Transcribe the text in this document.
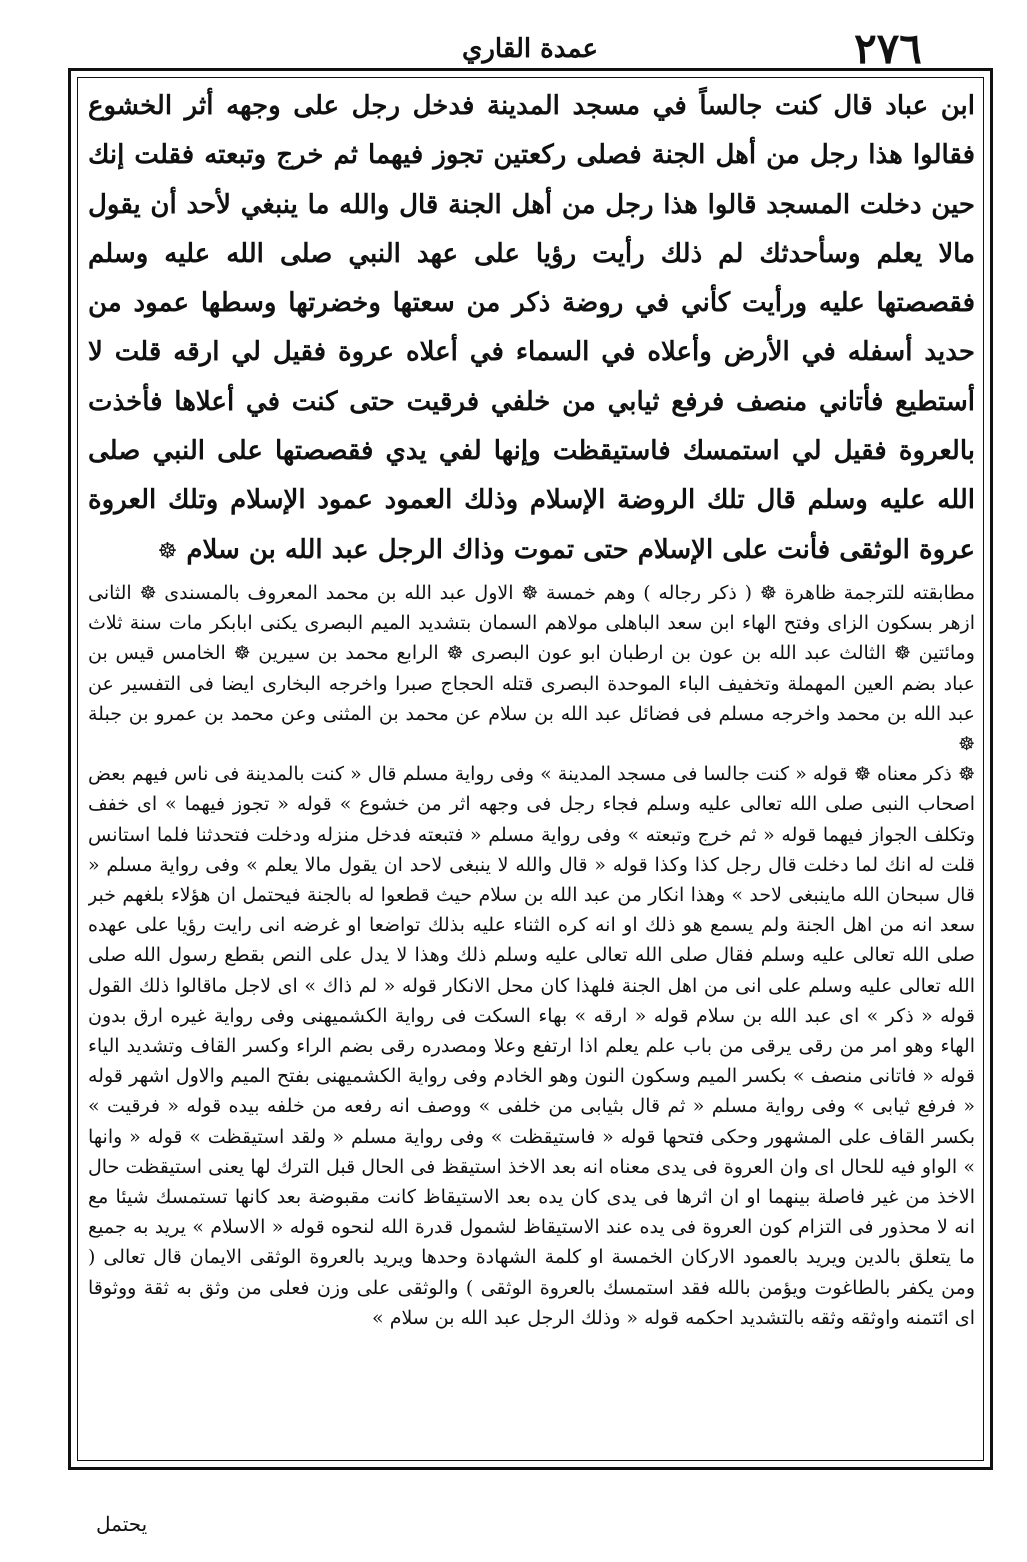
٢٧٦
عمدة القاري

ابن عباد قال كنت جالساً في مسجد المدينة فدخل رجل على وجهه أثر الخشوع فقالوا هذا رجل من أهل الجنة فصلى ركعتين تجوز فيهما ثم خرج وتبعته فقلت إنك حين دخلت المسجد قالوا هذا رجل من أهل الجنة قال والله ما ينبغي لأحد أن يقول مالا يعلم وسأحدثك لم ذلك رأيت رؤيا على عهد النبي صلى الله عليه وسلم فقصصتها عليه ورأيت كأني في روضة ذكر من سعتها وخضرتها وسطها عمود من حديد أسفله في الأرض وأعلاه في السماء في أعلاه عروة فقيل لي ارقه قلت لا أستطيع فأتاني منصف فرفع ثيابي من خلفي فرقيت حتى كنت في أعلاها فأخذت بالعروة فقيل لي استمسك فاستيقظت وإنها لفي يدي فقصصتها على النبي صلى الله عليه وسلم قال تلك الروضة الإسلام وذلك العمود عمود الإسلام وتلك العروة عروة الوثقى فأنت على الإسلام حتى تموت وذاك الرجل عبد الله بن سلام ☸

مطابقته للترجمة ظاهرة ☸ ( ذكر رجاله ) وهم خمسة ☸ الاول عبد الله بن محمد المعروف بالمسندى ☸ الثانى ازهر بسكون الزاى وفتح الهاء ابن سعد الباهلى مولاهم السمان بتشديد الميم البصرى يكنى ابابكر مات سنة ثلاث ومائتين ☸ الثالث عبد الله بن عون بن ارطبان ابو عون البصرى ☸ الرابع محمد بن سيرين ☸ الخامس قيس بن عباد بضم العين المهملة وتخفيف الباء الموحدة البصرى قتله الحجاج صبرا واخرجه البخارى ايضا فى التفسير عن عبد الله بن محمد واخرجه مسلم فى فضائل عبد الله بن سلام عن محمد بن المثنى وعن محمد بن عمرو بن جبلة ☸

☸ ذكر معناه ☸ قوله « كنت جالسا فى مسجد المدينة » وفى رواية مسلم قال « كنت بالمدينة فى ناس فيهم بعض اصحاب النبى صلى الله تعالى عليه وسلم فجاء رجل فى وجهه اثر من خشوع » قوله « تجوز فيهما » اى خفف وتكلف الجواز فيهما قوله « ثم خرج وتبعته » وفى رواية مسلم « فتبعته فدخل منزله ودخلت فتحدثنا فلما استانس قلت له انك لما دخلت قال رجل كذا وكذا قوله « قال والله لا ينبغى لاحد ان يقول مالا يعلم » وفى رواية مسلم « قال سبحان الله ماينبغى لاحد » وهذا انكار من عبد الله بن سلام حيث قطعوا له بالجنة فيحتمل ان هؤلاء بلغهم خبر سعد انه من اهل الجنة ولم يسمع هو ذلك او انه كره الثناء عليه بذلك تواضعا او غرضه انى رايت رؤيا على عهده صلى الله تعالى عليه وسلم فقال صلى الله تعالى عليه وسلم ذلك وهذا لا يدل على النص بقطع رسول الله صلى الله تعالى عليه وسلم على انى من اهل الجنة فلهذا كان محل الانكار قوله « لم ذاك » اى لاجل ماقالوا ذلك القول قوله « ذكر » اى عبد الله بن سلام قوله « ارقه » بهاء السكت فى رواية الكشميهنى وفى رواية غيره ارق بدون الهاء وهو امر من رقى يرقى من باب علم يعلم اذا ارتفع وعلا ومصدره رقى بضم الراء وكسر القاف وتشديد الياء قوله « فاتانى منصف » بكسر الميم وسكون النون وهو الخادم وفى رواية الكشميهنى بفتح الميم والاول اشهر قوله « فرفع ثيابى » وفى رواية مسلم « ثم قال بثيابى من خلفى » ووصف انه رفعه من خلفه بيده قوله « فرقيت » بكسر القاف على المشهور وحكى فتحها قوله « فاستيقظت » وفى رواية مسلم « ولقد استيقظت » قوله « وانها » الواو فيه للحال اى وان العروة فى يدى معناه انه بعد الاخذ استيقظ فى الحال قبل الترك لها يعنى استيقظت حال الاخذ من غير فاصلة بينهما او ان اثرها فى يدى كان يده بعد الاستيقاظ كانت مقبوضة بعد كانها تستمسك شيئا مع انه لا محذور فى التزام كون العروة فى يده عند الاستيقاظ لشمول قدرة الله لنحوه قوله « الاسلام » يريد به جميع ما يتعلق بالدين ويريد بالعمود الاركان الخمسة او كلمة الشهادة وحدها ويريد بالعروة الوثقى الايمان قال تعالى ( ومن يكفر بالطاغوت ويؤمن بالله فقد استمسك بالعروة الوثقى ) والوثقى على وزن فعلى من وثق به ثقة ووثوقا اى ائتمنه واوثقه وثقه بالتشديد احكمه قوله « وذلك الرجل عبد الله بن سلام »

يحتمل
